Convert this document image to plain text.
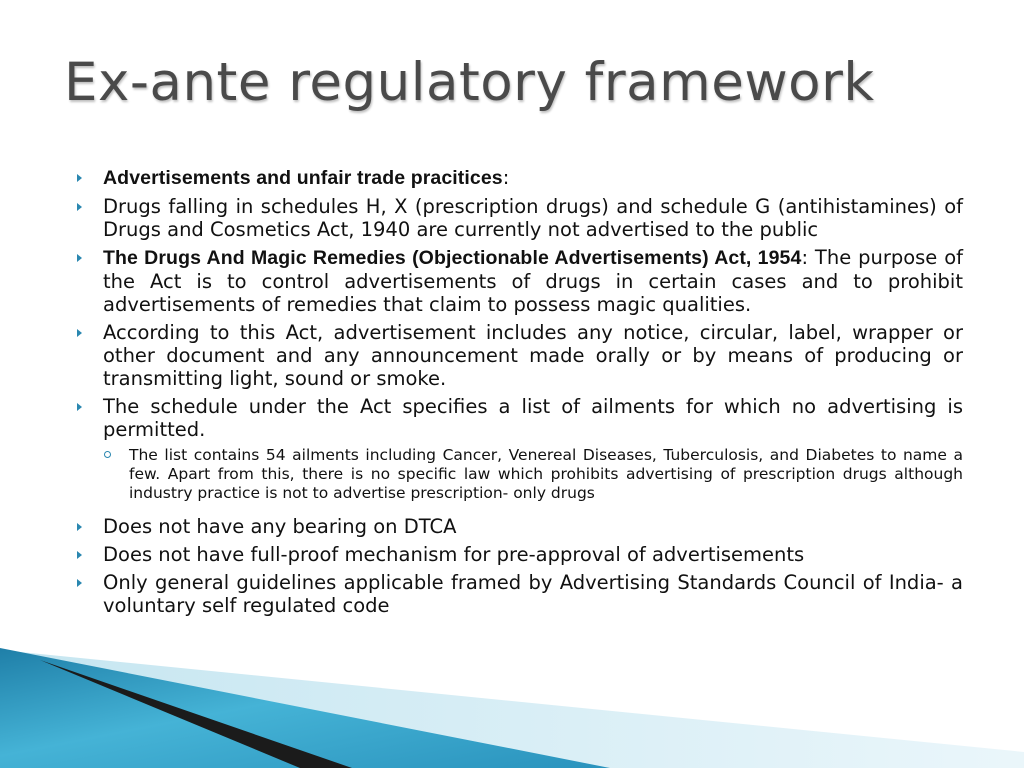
Ex-ante regulatory framework
Advertisements and unfair trade pracitices:
Drugs falling in schedules H, X (prescription drugs) and schedule G (antihistamines) of Drugs and Cosmetics Act, 1940 are currently not advertised to the public
The Drugs And Magic Remedies (Objectionable Advertisements) Act, 1954: The purpose of the Act is to control advertisements of drugs in certain cases and to prohibit advertisements of remedies that claim to possess magic qualities.
According to this Act, advertisement includes any notice, circular, label, wrapper or other document and any announcement made orally or by means of producing or transmitting light, sound or smoke.
The schedule under the Act specifies a list of ailments for which no advertising is permitted.
The list contains 54 ailments including Cancer, Venereal Diseases, Tuberculosis, and Diabetes to name a few. Apart from this, there is no specific law which prohibits advertising of prescription drugs although industry practice is not to advertise prescription- only drugs
Does not have any bearing on DTCA
Does not have full-proof mechanism for pre-approval of advertisements
Only general guidelines applicable framed by Advertising Standards Council of India- a voluntary self regulated code
